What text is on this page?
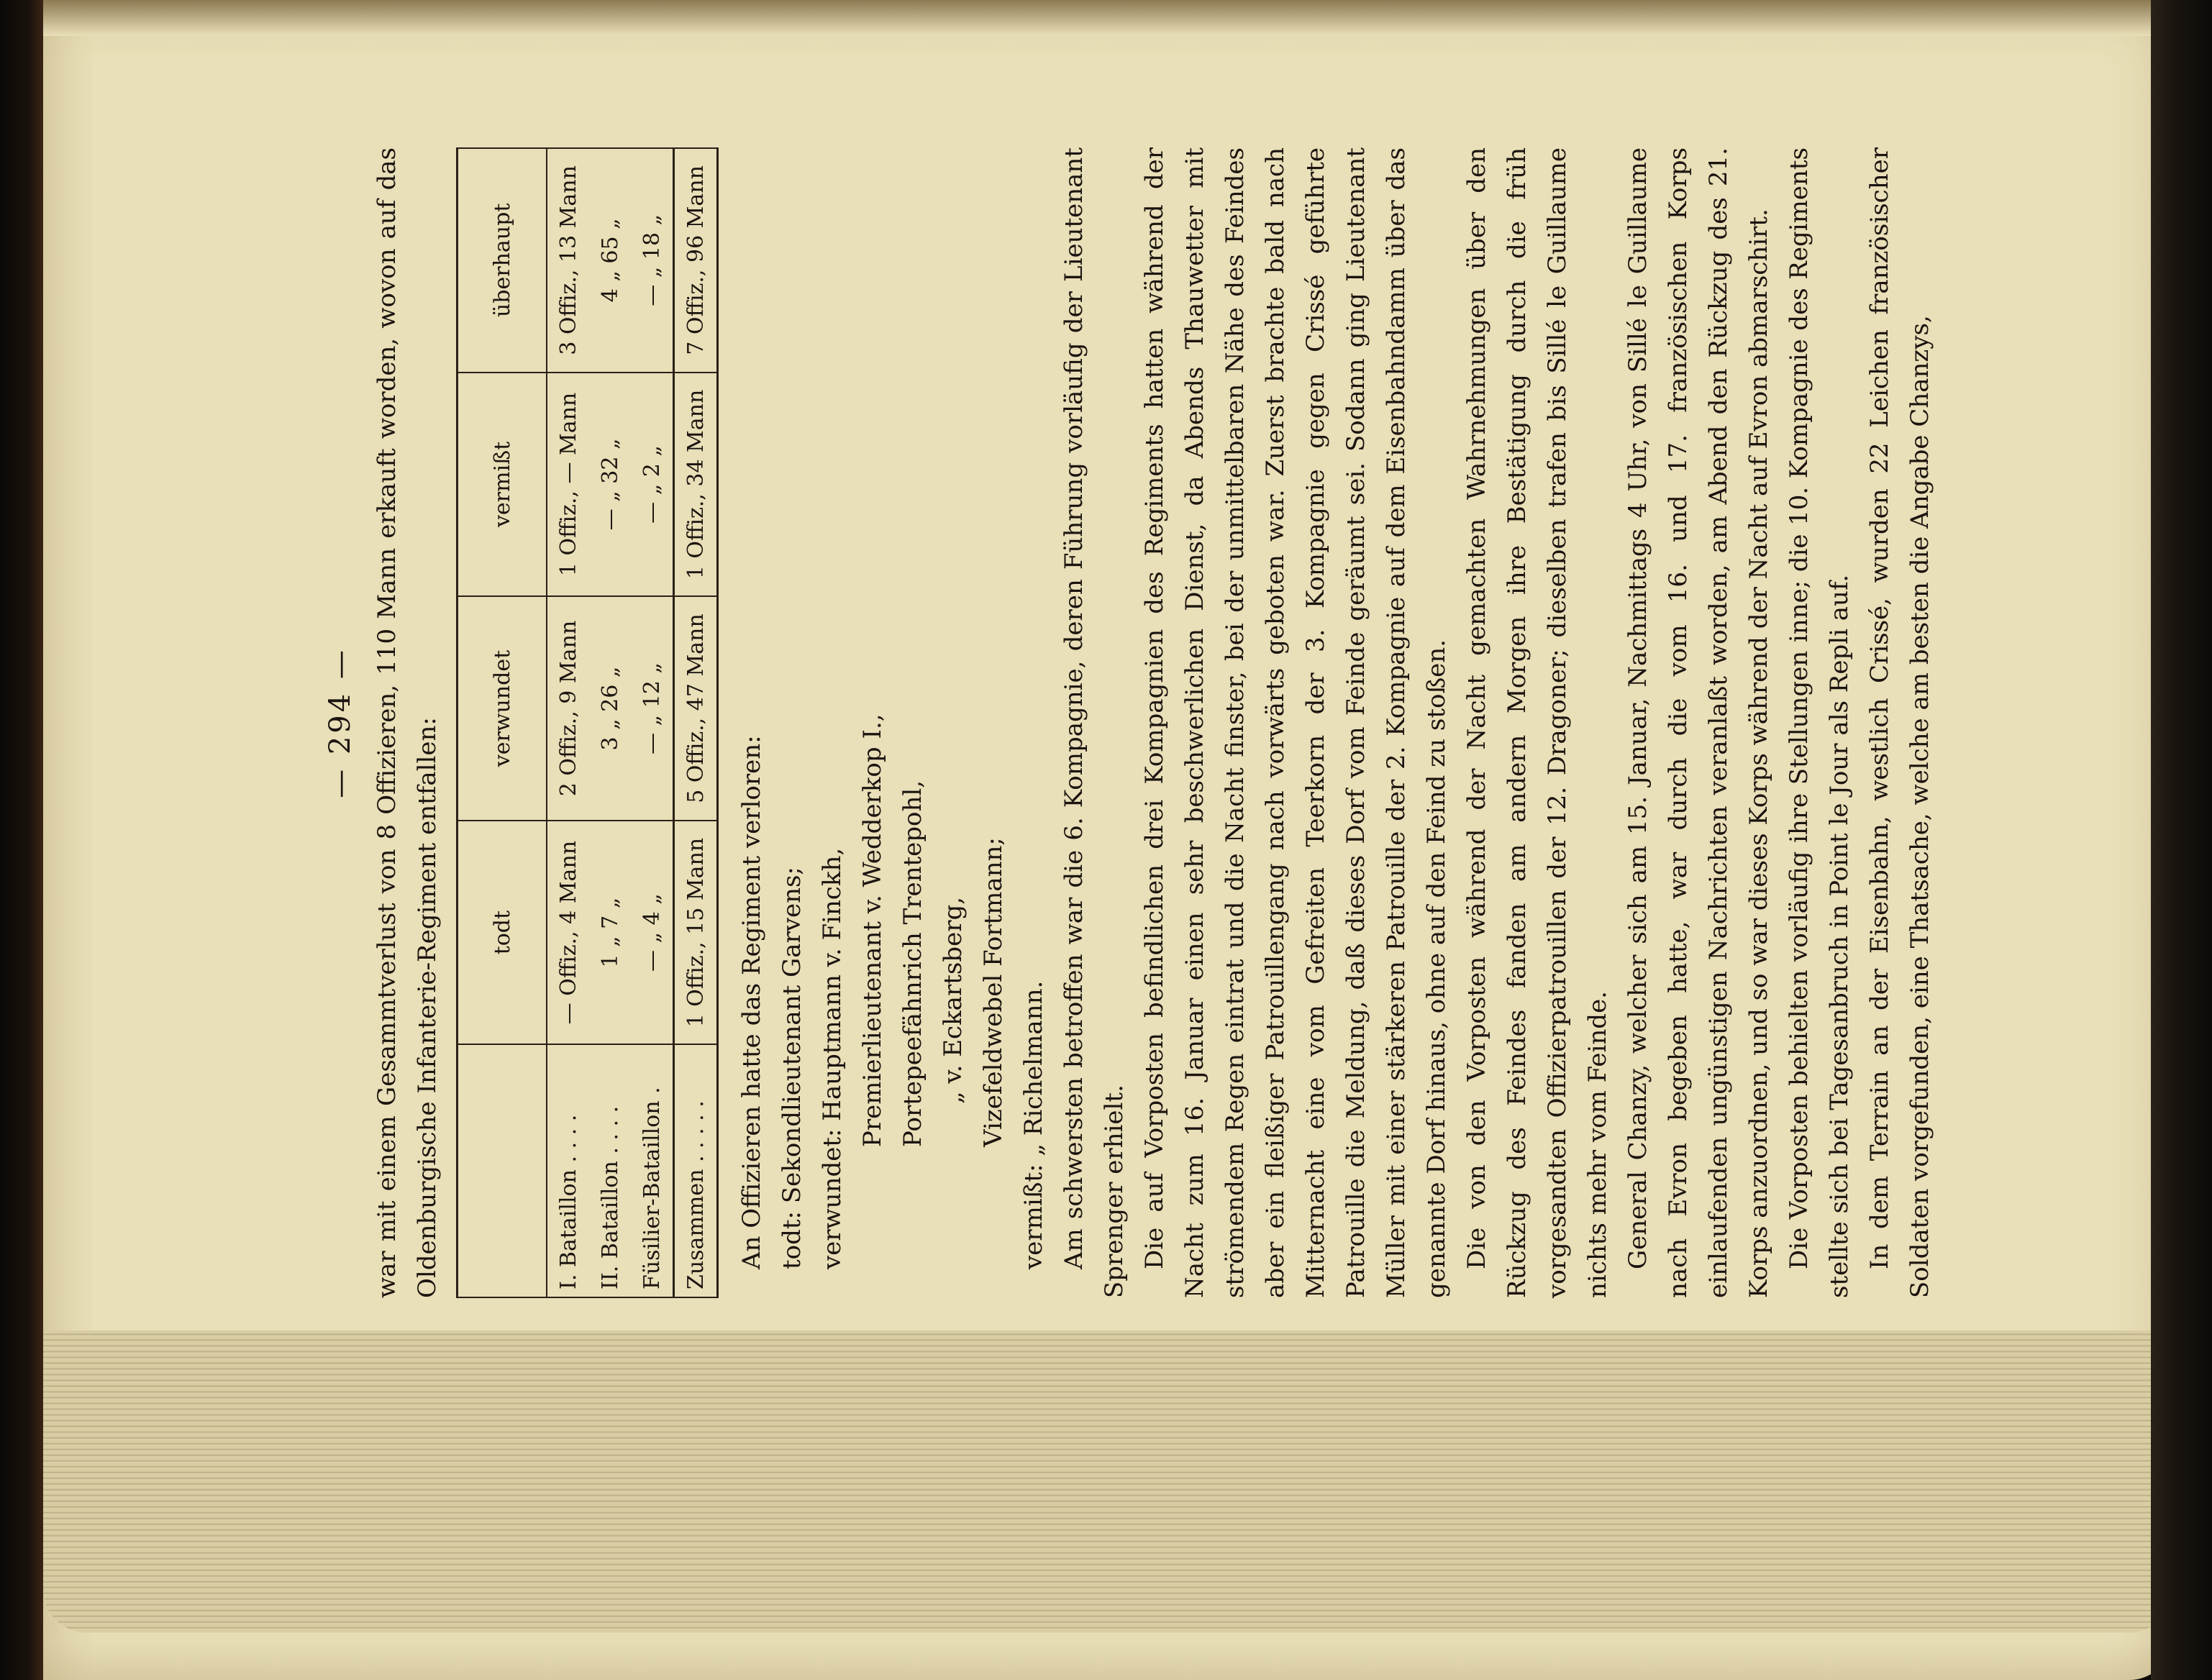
— 294 — war mit einem Gesammtverlust von 8 Offizieren, 110 Mann erkauft worden, wovon auf das Oldenburgische Infanterie-Regiment entfallen:

	todt	verwundet	vermißt	überhaupt
I. Bataillon . . . .	— Offiz., 4 Mann	2 Offiz., 9 Mann	1 Offiz., — Mann	3 Offiz., 13 Mann
II. Bataillon . . . .	1 „ 7 „	3 „ 26 „	— „ 32 „	4 „ 65 „
Füsilier-Bataillon .	— „ 4 „	— „ 12 „	— „ 2 „	— „ 18 „
Zusammen . . . . .	1 Offiz., 15 Mann	5 Offiz., 47 Mann	1 Offiz., 34 Mann	7 Offiz., 96 Mann

An Offizieren hatte das Regiment verloren: todt: Sekondlieutenant Garvens; verwundet: Hauptmann v. Finckh, Premierlieutenant v. Wedderkop I., Portepeefähnrich Trentepohl, „ v. Eckartsberg, Vizefeldwebel Fortmann; vermißt: „ Richelmann. Am schwersten betroffen war die 6. Kompagnie, deren Führung vorläufig der Lieutenant Sprenger erhielt. Die auf Vorposten befindlichen drei Kompagnien des Regiments hatten während der Nacht zum 16. Januar einen sehr beschwerlichen Dienst, da Abends Thauwetter mit strömendem Regen eintrat und die Nacht finster, bei der unmittelbaren Nähe des Feindes aber ein fleißiger Patrouillengang nach vorwärts geboten war. Zuerst brachte bald nach Mitternacht eine vom Gefreiten Teerkorn der 3. Kompagnie gegen Crissé geführte Patrouille die Meldung, daß dieses Dorf vom Feinde geräumt sei. Sodann ging Lieutenant Müller mit einer stärkeren Patrouille der 2. Kompagnie auf dem Eisenbahndamm über das genannte Dorf hinaus, ohne auf den Feind zu stoßen. Die von den Vorposten während der Nacht gemachten Wahrnehmungen über den Rückzug des Feindes fanden am andern Morgen ihre Bestätigung durch die früh vorgesandten Offizierpatrouillen der 12. Dragoner; dieselben trafen bis Sillé le Guillaume nichts mehr vom Feinde. General Chanzy, welcher sich am 15. Januar, Nachmittags 4 Uhr, von Sillé le Guillaume nach Evron begeben hatte, war durch die vom 16. und 17. französischen Korps einlaufenden ungünstigen Nachrichten veranlaßt worden, am Abend den Rückzug des 21. Korps anzuordnen, und so war dieses Korps während der Nacht auf Evron abmarschirt. Die Vorposten behielten vorläufig ihre Stellungen inne; die 10. Kompagnie des Regiments stellte sich bei Tagesanbruch in Point le Jour als Repli auf. In dem Terrain an der Eisenbahn, westlich Crissé, wurden 22 Leichen französischer Soldaten vorgefunden, eine Thatsache, welche am besten die Angabe Chanzys,
